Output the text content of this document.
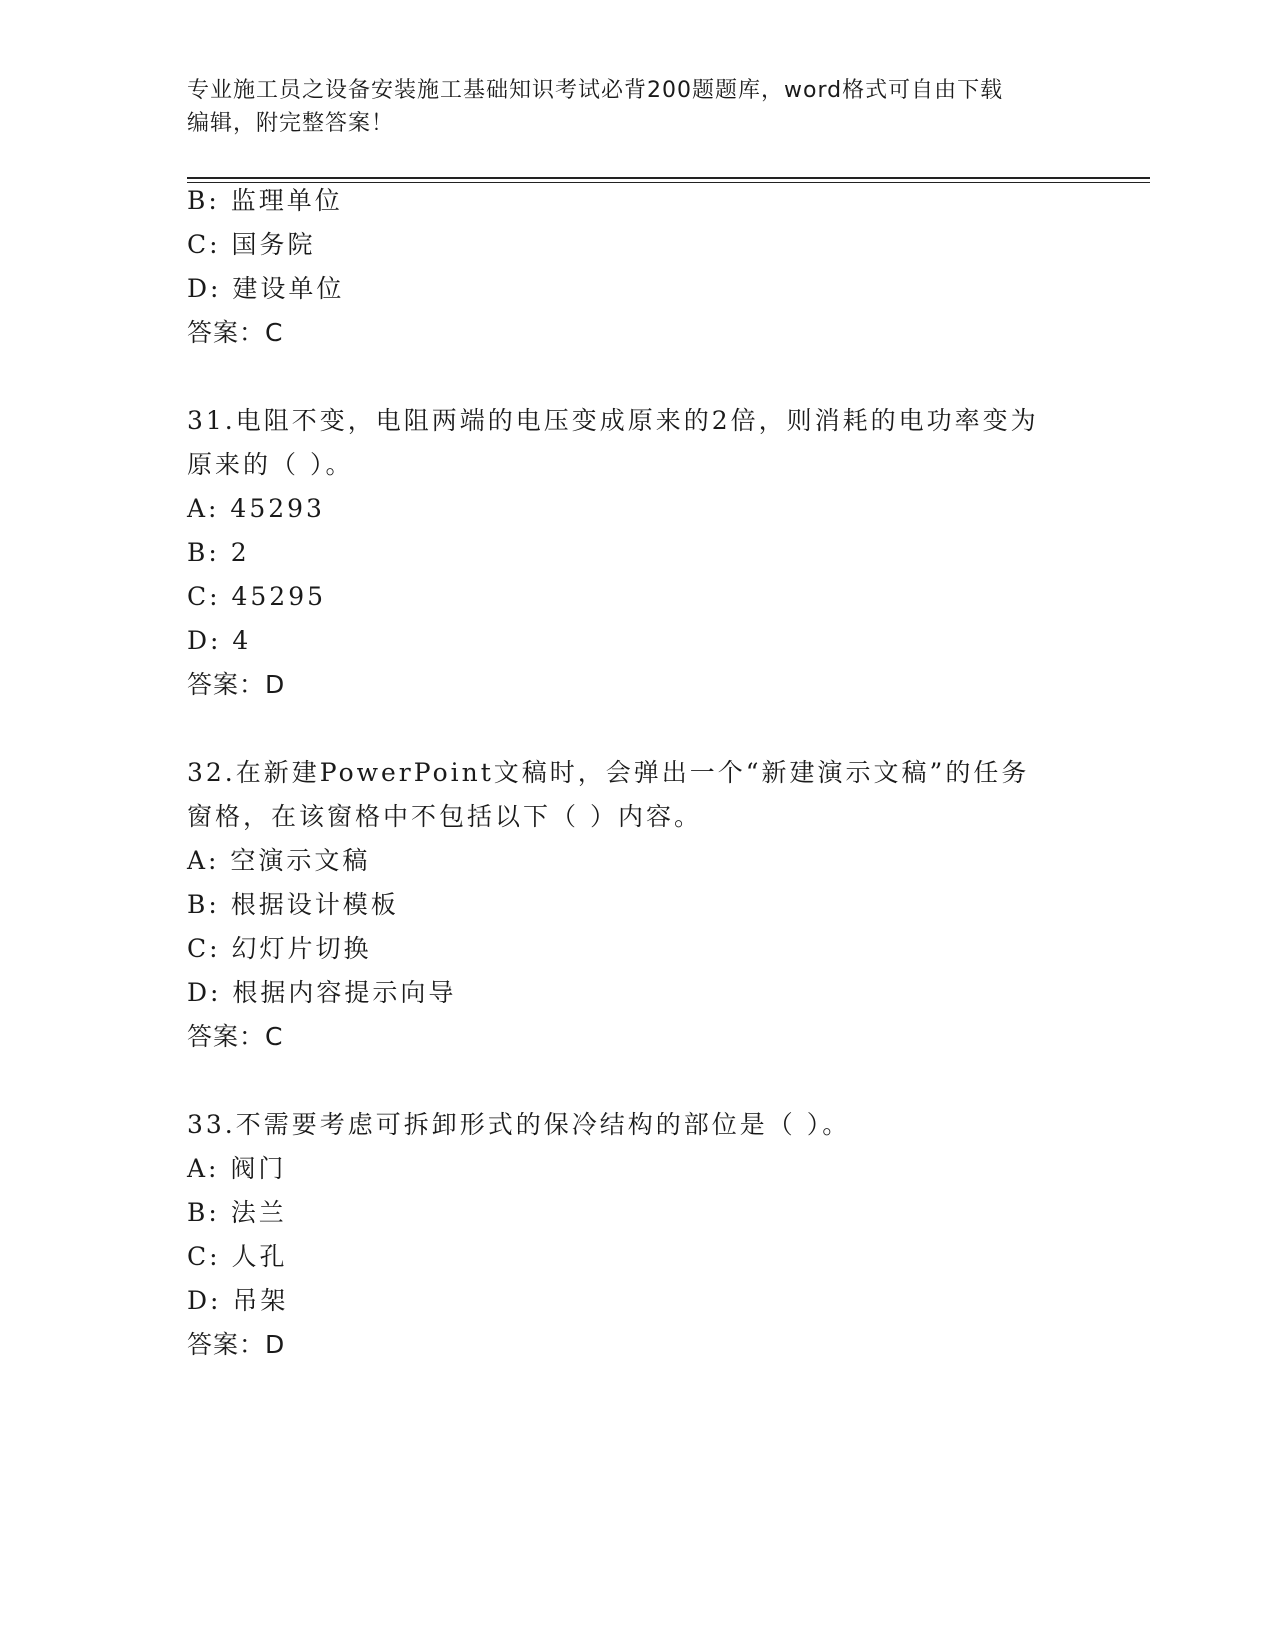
专业施工员之设备安装施工基础知识考试必背200题题库，word格式可自由下载
编辑，附完整答案！
B: 监理单位
C: 国务院
D: 建设单位
答案：C
31.电阻不变，电阻两端的电压变成原来的2倍，则消耗的电功率变为
原来的（ ）。
A: 45293
B: 2
C: 45295
D: 4
答案：D
32.在新建PowerPoint文稿时，会弹出一个“新建演示文稿”的任务
窗格，在该窗格中不包括以下（ ）内容。
A: 空演示文稿
B: 根据设计模板
C: 幻灯片切换
D: 根据内容提示向导
答案：C
33.不需要考虑可拆卸形式的保冷结构的部位是（ ）。
A: 阀门
B: 法兰
C: 人孔
D: 吊架
答案：D
